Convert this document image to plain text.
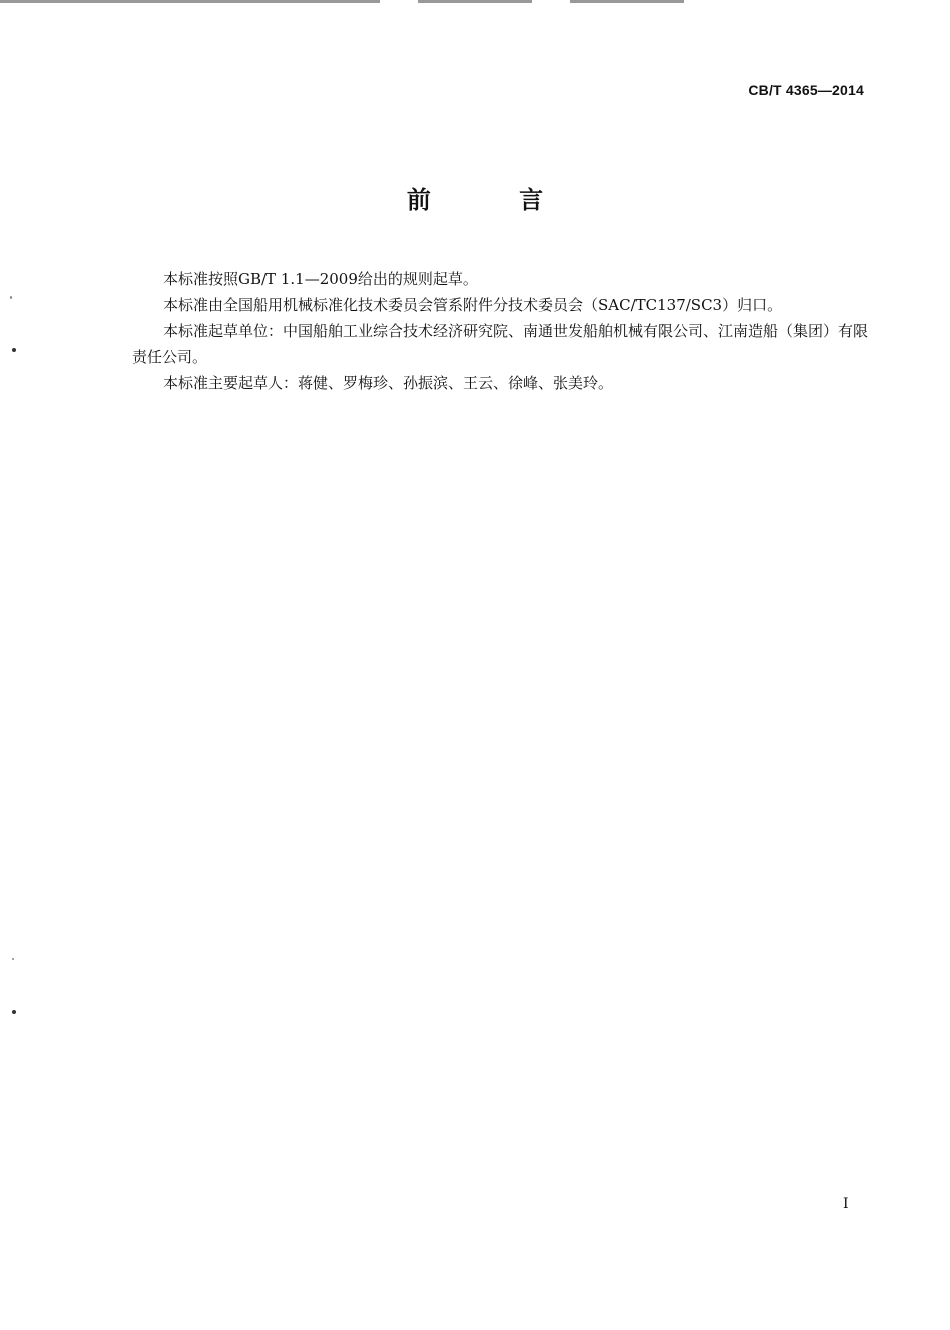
CB/T 4365—2014
前 言

本标准按照GB/T 1.1—2009给出的规则起草。

本标准由全国船用机械标准化技术委员会管系附件分技术委员会（SAC/TC137/SC3）归口。

本标准起草单位：中国船舶工业综合技术经济研究院、南通世发船舶机械有限公司、江南造船（集团）有限责任公司。

本标准主要起草人：蒋健、罗梅珍、孙振滨、王云、徐峰、张美玲。

I
